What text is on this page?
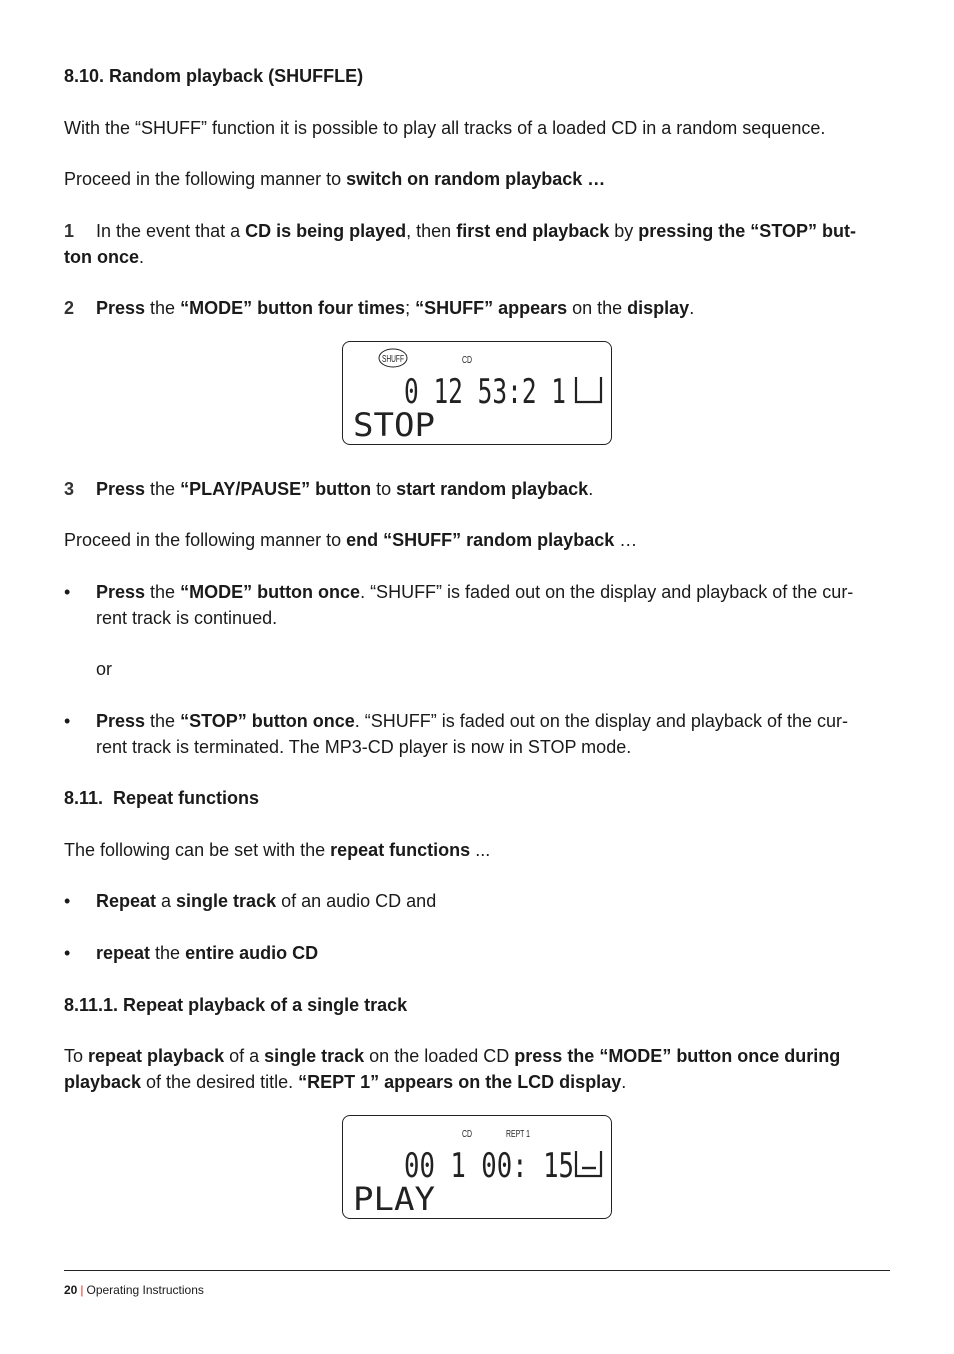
8.10. Random playback (SHUFFLE)

With the “SHUFF” function it is possible to play all tracks of a loaded CD in a random sequence.

Proceed in the following manner to switch on random playback …

1 In the event that a CD is being played, then first end playback by pressing the “STOP” but-

ton once.

2 Press the “MODE” button four times; “SHUFF” appears on the display.

SHUFF	CD
0 12 53:2 1
STOP
3 Press the “PLAY/PAUSE” button to start random playback.

Proceed in the following manner to end “SHUFF” random playback …

• Press the “MODE” button once. “SHUFF” is faded out on the display and playback of the cur-

rent track is continued.

or

• Press the “STOP” button once. “SHUFF” is faded out on the display and playback of the cur-

rent track is terminated. The MP3-CD player is now in STOP mode.

8.11.  Repeat functions

The following can be set with the repeat functions ...

• Repeat a single track of an audio CD and

• repeat the entire audio CD

8.11.1. Repeat playback of a single track

To repeat playback of a single track on the loaded CD press the “MODE” button once during

playback of the desired title. “REPT 1” appears on the LCD display.

CD	REPT 1
00 1 00: 15
PLAY
20 | Operating Instructions
